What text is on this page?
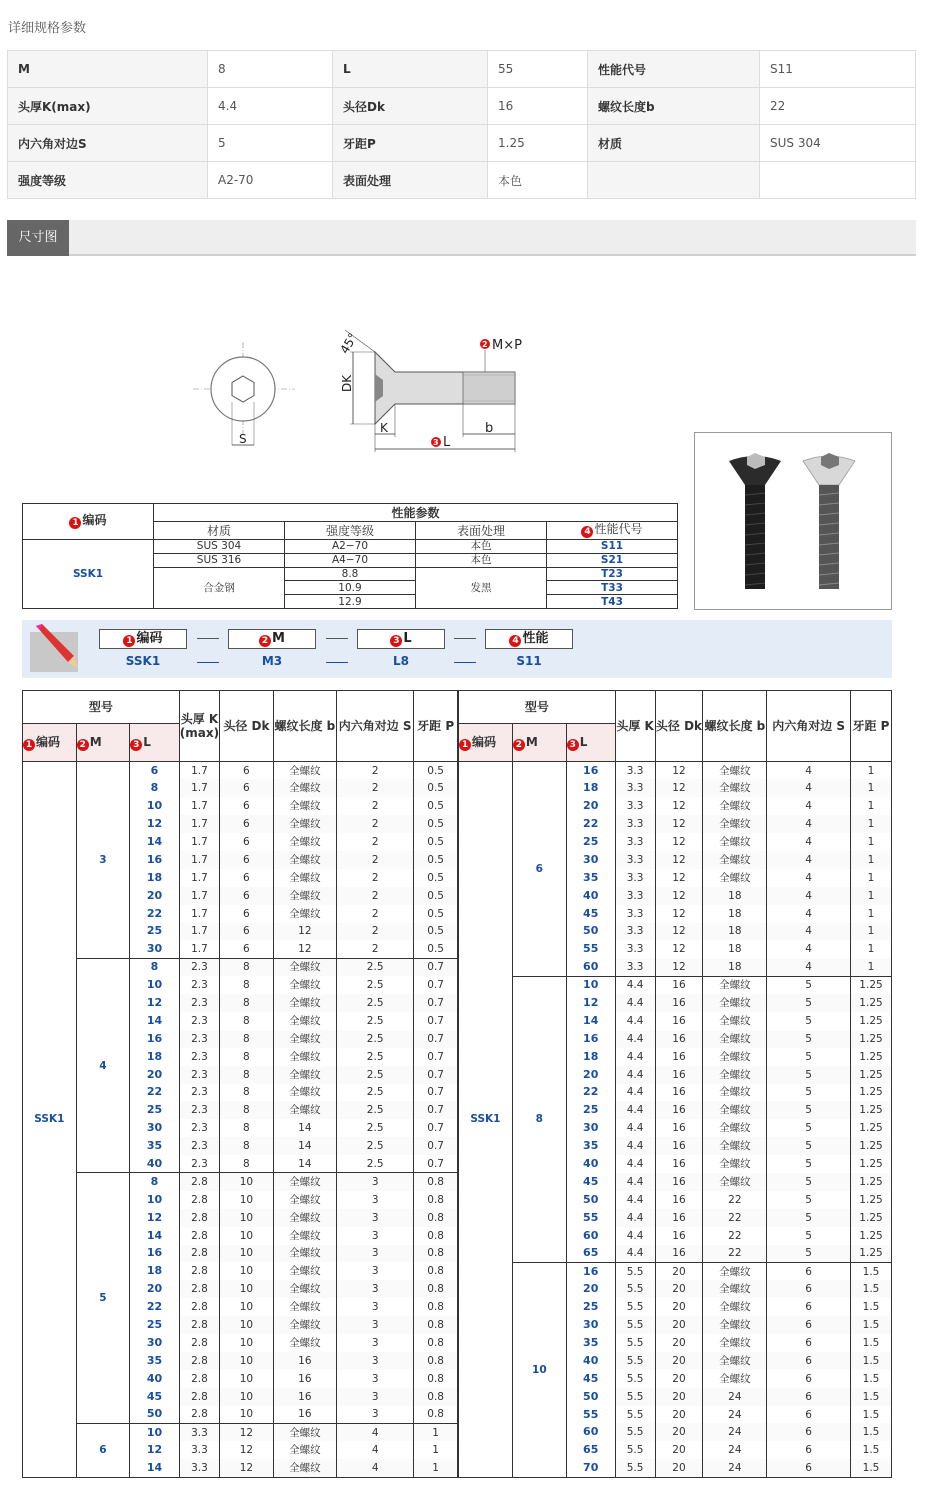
详细规格参数
M	8	L	55	性能代号	S11
头厚K(max)	4.4	头径Dk	16	螺纹长度b	22
内六角对边S	5	牙距P	1.25	材质	SUS 304
强度等级	A2-70	表面处理	本色		
尺寸图
S
DK
45°
K	b
3 L
2 M×P
1 编码	性能参数			
	材质	强度等级	表面处理	4 性能代号
SSK1	SUS 304	A2−70	本色	S11
	SUS 316	A4−70	本色	S21
	合金钢	8.8	发黑	T23
		10.9		T33
		12.9		T43
1 编码
SSK1
2 M
M3
3 L
L8
4 性能
S11
型号			头厚 K (max)	头径 Dk	螺纹长度 b	内六角对边 S	牙距 P
1 编码	2 M	3 L					
SSK1	3	6	1.7	6	全螺纹	2	0.5
		8	1.7	6	全螺纹	2	0.5
		10	1.7	6	全螺纹	2	0.5
		12	1.7	6	全螺纹	2	0.5
		14	1.7	6	全螺纹	2	0.5
		16	1.7	6	全螺纹	2	0.5
		18	1.7	6	全螺纹	2	0.5
		20	1.7	6	全螺纹	2	0.5
		22	1.7	6	全螺纹	2	0.5
		25	1.7	6	12	2	0.5
		30	1.7	6	12	2	0.5
	4	8	2.3	8	全螺纹	2.5	0.7
		10	2.3	8	全螺纹	2.5	0.7
		12	2.3	8	全螺纹	2.5	0.7
		14	2.3	8	全螺纹	2.5	0.7
		16	2.3	8	全螺纹	2.5	0.7
		18	2.3	8	全螺纹	2.5	0.7
		20	2.3	8	全螺纹	2.5	0.7
		22	2.3	8	全螺纹	2.5	0.7
		25	2.3	8	全螺纹	2.5	0.7
		30	2.3	8	14	2.5	0.7
		35	2.3	8	14	2.5	0.7
		40	2.3	8	14	2.5	0.7
	5	8	2.8	10	全螺纹	3	0.8
		10	2.8	10	全螺纹	3	0.8
		12	2.8	10	全螺纹	3	0.8
		14	2.8	10	全螺纹	3	0.8
		16	2.8	10	全螺纹	3	0.8
		18	2.8	10	全螺纹	3	0.8
		20	2.8	10	全螺纹	3	0.8
		22	2.8	10	全螺纹	3	0.8
		25	2.8	10	全螺纹	3	0.8
		30	2.8	10	全螺纹	3	0.8
		35	2.8	10	16	3	0.8
		40	2.8	10	16	3	0.8
		45	2.8	10	16	3	0.8
		50	2.8	10	16	3	0.8
	6	10	3.3	12	全螺纹	4	1
		12	3.3	12	全螺纹	4	1
		14	3.3	12	全螺纹	4	1
型号			头厚 K	头径 Dk	螺纹长度 b	内六角对边 S	牙距 P
1 编码	2 M	3 L					
SSK1	6	16	3.3	12	全螺纹	4	1
		18	3.3	12	全螺纹	4	1
		20	3.3	12	全螺纹	4	1
		22	3.3	12	全螺纹	4	1
		25	3.3	12	全螺纹	4	1
		30	3.3	12	全螺纹	4	1
		35	3.3	12	全螺纹	4	1
		40	3.3	12	18	4	1
		45	3.3	12	18	4	1
		50	3.3	12	18	4	1
		55	3.3	12	18	4	1
		60	3.3	12	18	4	1
	8	10	4.4	16	全螺纹	5	1.25
		12	4.4	16	全螺纹	5	1.25
		14	4.4	16	全螺纹	5	1.25
		16	4.4	16	全螺纹	5	1.25
		18	4.4	16	全螺纹	5	1.25
		20	4.4	16	全螺纹	5	1.25
		22	4.4	16	全螺纹	5	1.25
		25	4.4	16	全螺纹	5	1.25
		30	4.4	16	全螺纹	5	1.25
		35	4.4	16	全螺纹	5	1.25
		40	4.4	16	全螺纹	5	1.25
		45	4.4	16	全螺纹	5	1.25
		50	4.4	16	22	5	1.25
		55	4.4	16	22	5	1.25
		60	4.4	16	22	5	1.25
		65	4.4	16	22	5	1.25
	10	16	5.5	20	全螺纹	6	1.5
		20	5.5	20	全螺纹	6	1.5
		25	5.5	20	全螺纹	6	1.5
		30	5.5	20	全螺纹	6	1.5
		35	5.5	20	全螺纹	6	1.5
		40	5.5	20	全螺纹	6	1.5
		45	5.5	20	全螺纹	6	1.5
		50	5.5	20	24	6	1.5
		55	5.5	20	24	6	1.5
		60	5.5	20	24	6	1.5
		65	5.5	20	24	6	1.5
		70	5.5	20	24	6	1.5
